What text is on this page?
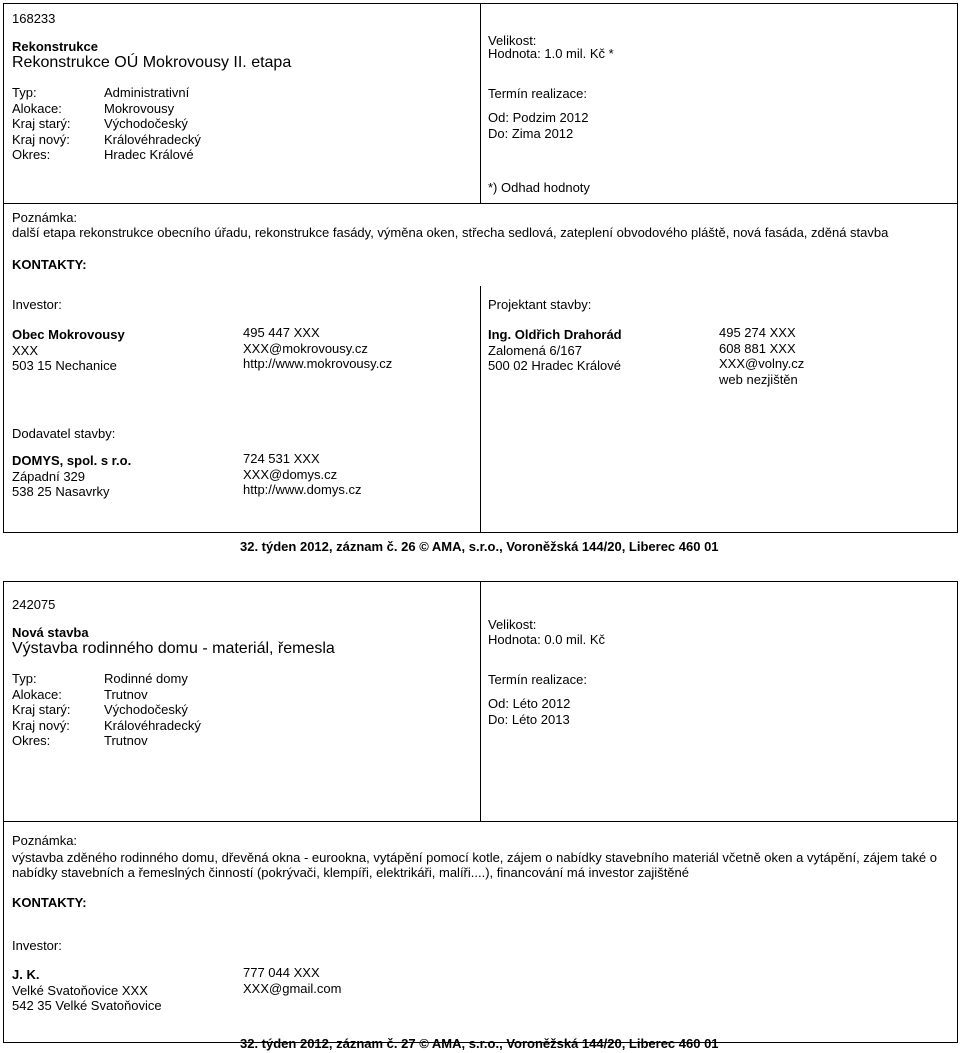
168233
Rekonstrukce
Rekonstrukce OÚ Mokrovousy II. etapa
Typ:
Alokace:
Kraj starý:
Kraj nový:
Okres:
Administrativní
Mokrovousy
Východočeský
Královéhradecký
Hradec Králové
Velikost:
Hodnota: 1.0 mil. Kč *
Termín realizace:
Od: Podzim 2012
Do: Zima 2012
*) Odhad hodnoty
Poznámka:
další etapa rekonstrukce obecního úřadu, rekonstrukce fasády, výměna oken, střecha sedlová, zateplení obvodového pláště, nová fasáda, zděná stavba
KONTAKTY:
Investor:
Obec Mokrovousy
XXX
503 15 Nechanice
495 447 XXX
XXX@mokrovousy.cz
http://www.mokrovousy.cz
Projektant stavby:
Ing. Oldřich Drahorád
Zalomená 6/167
500 02 Hradec Králové
495 274 XXX
608 881 XXX
XXX@volny.cz
web nezjištěn
Dodavatel stavby:
DOMYS, spol. s r.o.
Západní 329
538 25 Nasavrky
724 531 XXX
XXX@domys.cz
http://www.domys.cz
32. týden 2012, záznam č. 26 © AMA, s.r.o., Voroněžská 144/20, Liberec 460 01
242075
Nová stavba
Výstavba rodinného domu - materiál, řemesla
Typ:
Alokace:
Kraj starý:
Kraj nový:
Okres:
Rodinné domy
Trutnov
Východočeský
Královéhradecký
Trutnov
Velikost:
Hodnota: 0.0 mil. Kč
Termín realizace:
Od: Léto 2012
Do: Léto 2013
Poznámka:
výstavba zděného rodinného domu, dřevěná okna - eurookna, vytápění pomocí kotle, zájem o nabídky stavebního materiál včetně oken a vytápění, zájem také o
nabídky stavebních a řemeslných činností (pokrývači, klempíři, elektrikáři, malíři....), financování má investor zajištěné
KONTAKTY:
Investor:
J. K.
Velké Svatoňovice XXX
542 35 Velké Svatoňovice
777 044 XXX
XXX@gmail.com
32. týden 2012, záznam č. 27 © AMA, s.r.o., Voroněžská 144/20, Liberec 460 01
